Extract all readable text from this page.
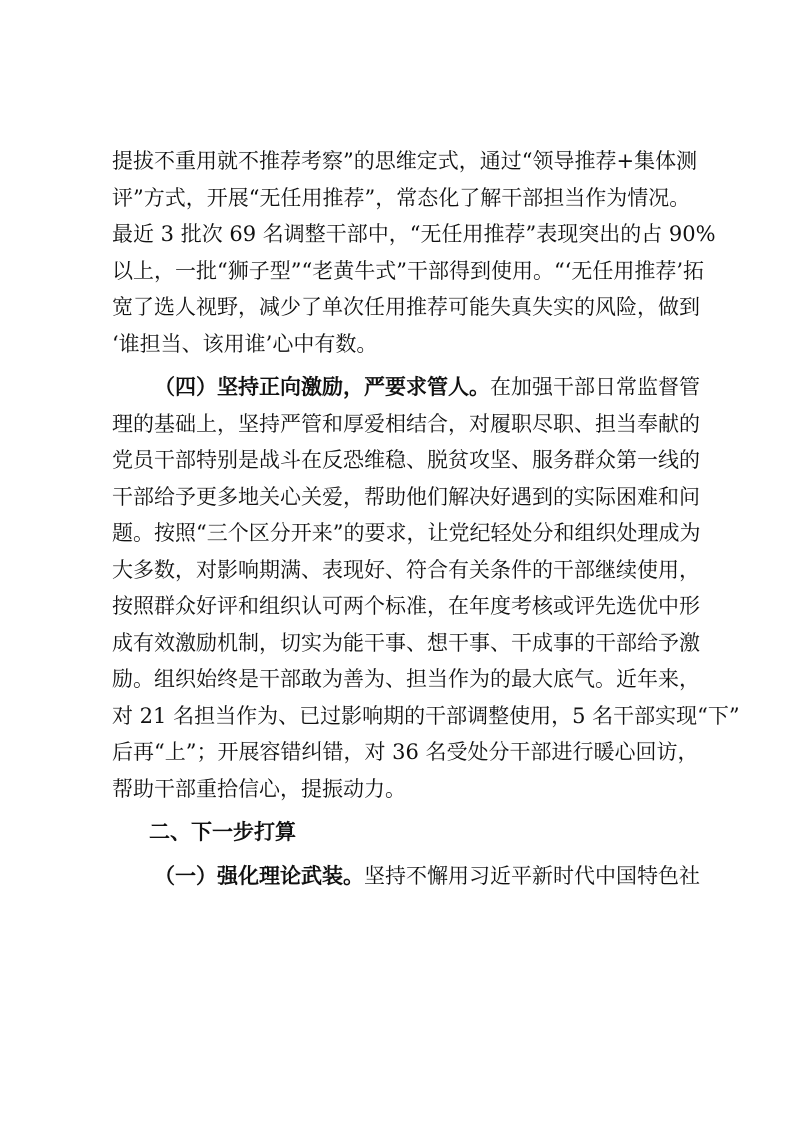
提拔不重用就不推荐考察”的思维定式，通过“领导推荐+集体测
评”方式，开展“无任用推荐”，常态化了解干部担当作为情况。
最近 3 批次 69 名调整干部中，“无任用推荐”表现突出的占 90%
以上，一批“狮子型”“老黄牛式”干部得到使用。“‘无任用推荐’拓
宽了选人视野，减少了单次任用推荐可能失真失实的风险，做到
‘谁担当、该用谁’心中有数。
（四）坚持正向激励，严要求管人。在加强干部日常监督管
理的基础上，坚持严管和厚爱相结合，对履职尽职、担当奉献的
党员干部特别是战斗在反恐维稳、脱贫攻坚、服务群众第一线的
干部给予更多地关心关爱，帮助他们解决好遇到的实际困难和问
题。按照“三个区分开来”的要求，让党纪轻处分和组织处理成为
大多数，对影响期满、表现好、符合有关条件的干部继续使用，
按照群众好评和组织认可两个标准，在年度考核或评先选优中形
成有效激励机制，切实为能干事、想干事、干成事的干部给予激
励。组织始终是干部敢为善为、担当作为的最大底气。近年来，
对 21 名担当作为、已过影响期的干部调整使用，5 名干部实现“下”
后再“上”；开展容错纠错，对 36 名受处分干部进行暖心回访，
帮助干部重拾信心，提振动力。
二、下一步打算
（一）强化理论武装。坚持不懈用习近平新时代中国特色社
